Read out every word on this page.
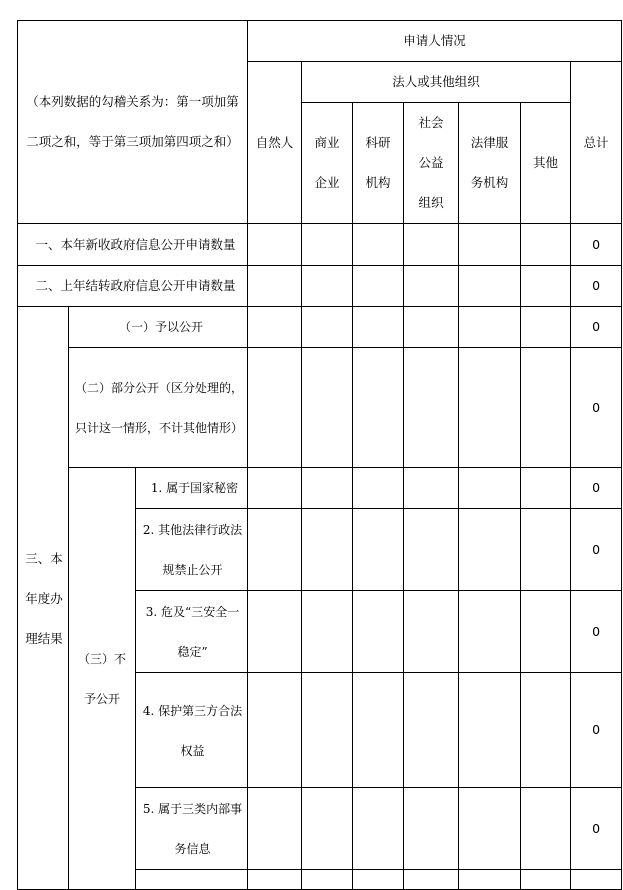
（本列数据的勾稽关系为：第一项加第二项之和，等于第三项加第四项之和）			申请人情况						
			自然人	法人或其他组织					总计
				商业企业	科研机构	社会公益组织	法律服务机构	其他	

一、本年新收政府信息公开申请数量									0
二、上年结转政府信息公开申请数量									0
三、本年度办理结果	（一）予以公开								0
	（二）部分公开（区分处理的，只计这一情形，不计其他情形）								0
	（三）不予公开	1. 属于国家秘密							0
		2. 其他法律行政法规禁止公开							0
		3. 危及“三安全一稳定”							0
		4. 保护第三方合法权益							0
		5. 属于三类内部事务信息							0
